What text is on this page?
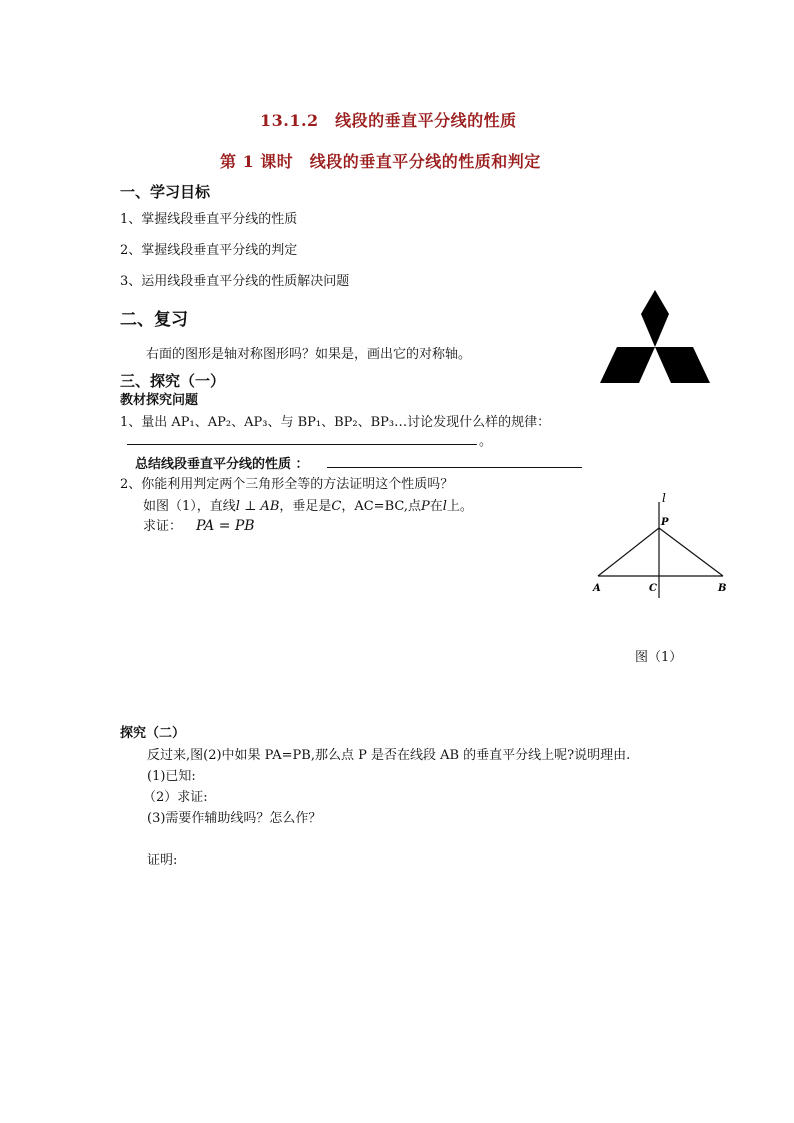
13.1.2　线段的垂直平分线的性质
第 1 课时　线段的垂直平分线的性质和判定
一、学习目标
1、掌握线段垂直平分线的性质
2、掌握线段垂直平分线的判定
3、运用线段垂直平分线的性质解决问题
二、复习
右面的图形是轴对称图形吗？如果是，画出它的对称轴。
三、探究（一）
教材探究问题
1、量出 AP₁、AP₂、AP₃、与 BP₁、BP₂、BP₃…讨论发现什么样的规律：
。
总结线段垂直平分线的性质 ：
2、你能利用判定两个三角形全等的方法证明这个性质吗？
如图（1），直线l ⊥ AB，垂足是C，AC=BC,点P在l上。
求证： PA = PB
l
P
A	C	B
图（1）
探究（二）
反过来,图(2)中如果 PA=PB,那么点 P 是否在线段 AB 的垂直平分线上呢?说明理由.
(1)已知:
（2）求证:
(3)需要作辅助线吗？怎么作？
证明:
